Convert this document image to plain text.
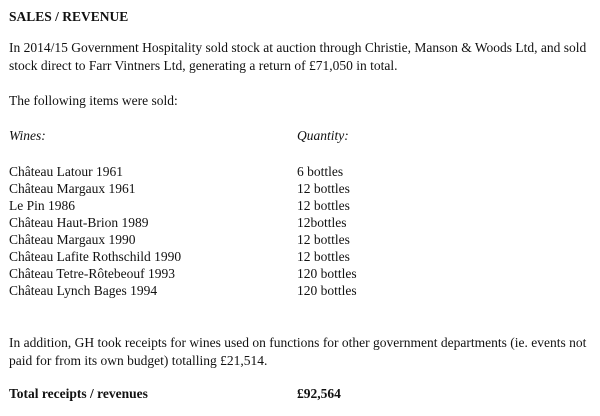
SALES / REVENUE

In 2014/15 Government Hospitality sold stock at auction through Christie, Manson & Woods Ltd, and sold stock direct to Farr Vintners Ltd, generating a return of £71,050 in total.

The following items were sold:

Wines:	Quantity:

Château Latour 1961	6 bottles
Château Margaux 1961	12 bottles
Le Pin 1986	12 bottles
Château Haut-Brion 1989	12bottles
Château Margaux 1990	12 bottles
Château Lafite Rothschild 1990	12 bottles
Château Tetre-Rôtebeouf 1993	120 bottles
Château Lynch Bages 1994	120 bottles

In addition, GH took receipts for wines used on functions for other government departments (ie. events not paid for from its own budget) totalling £21,514.

Total receipts / revenues	£92,564
